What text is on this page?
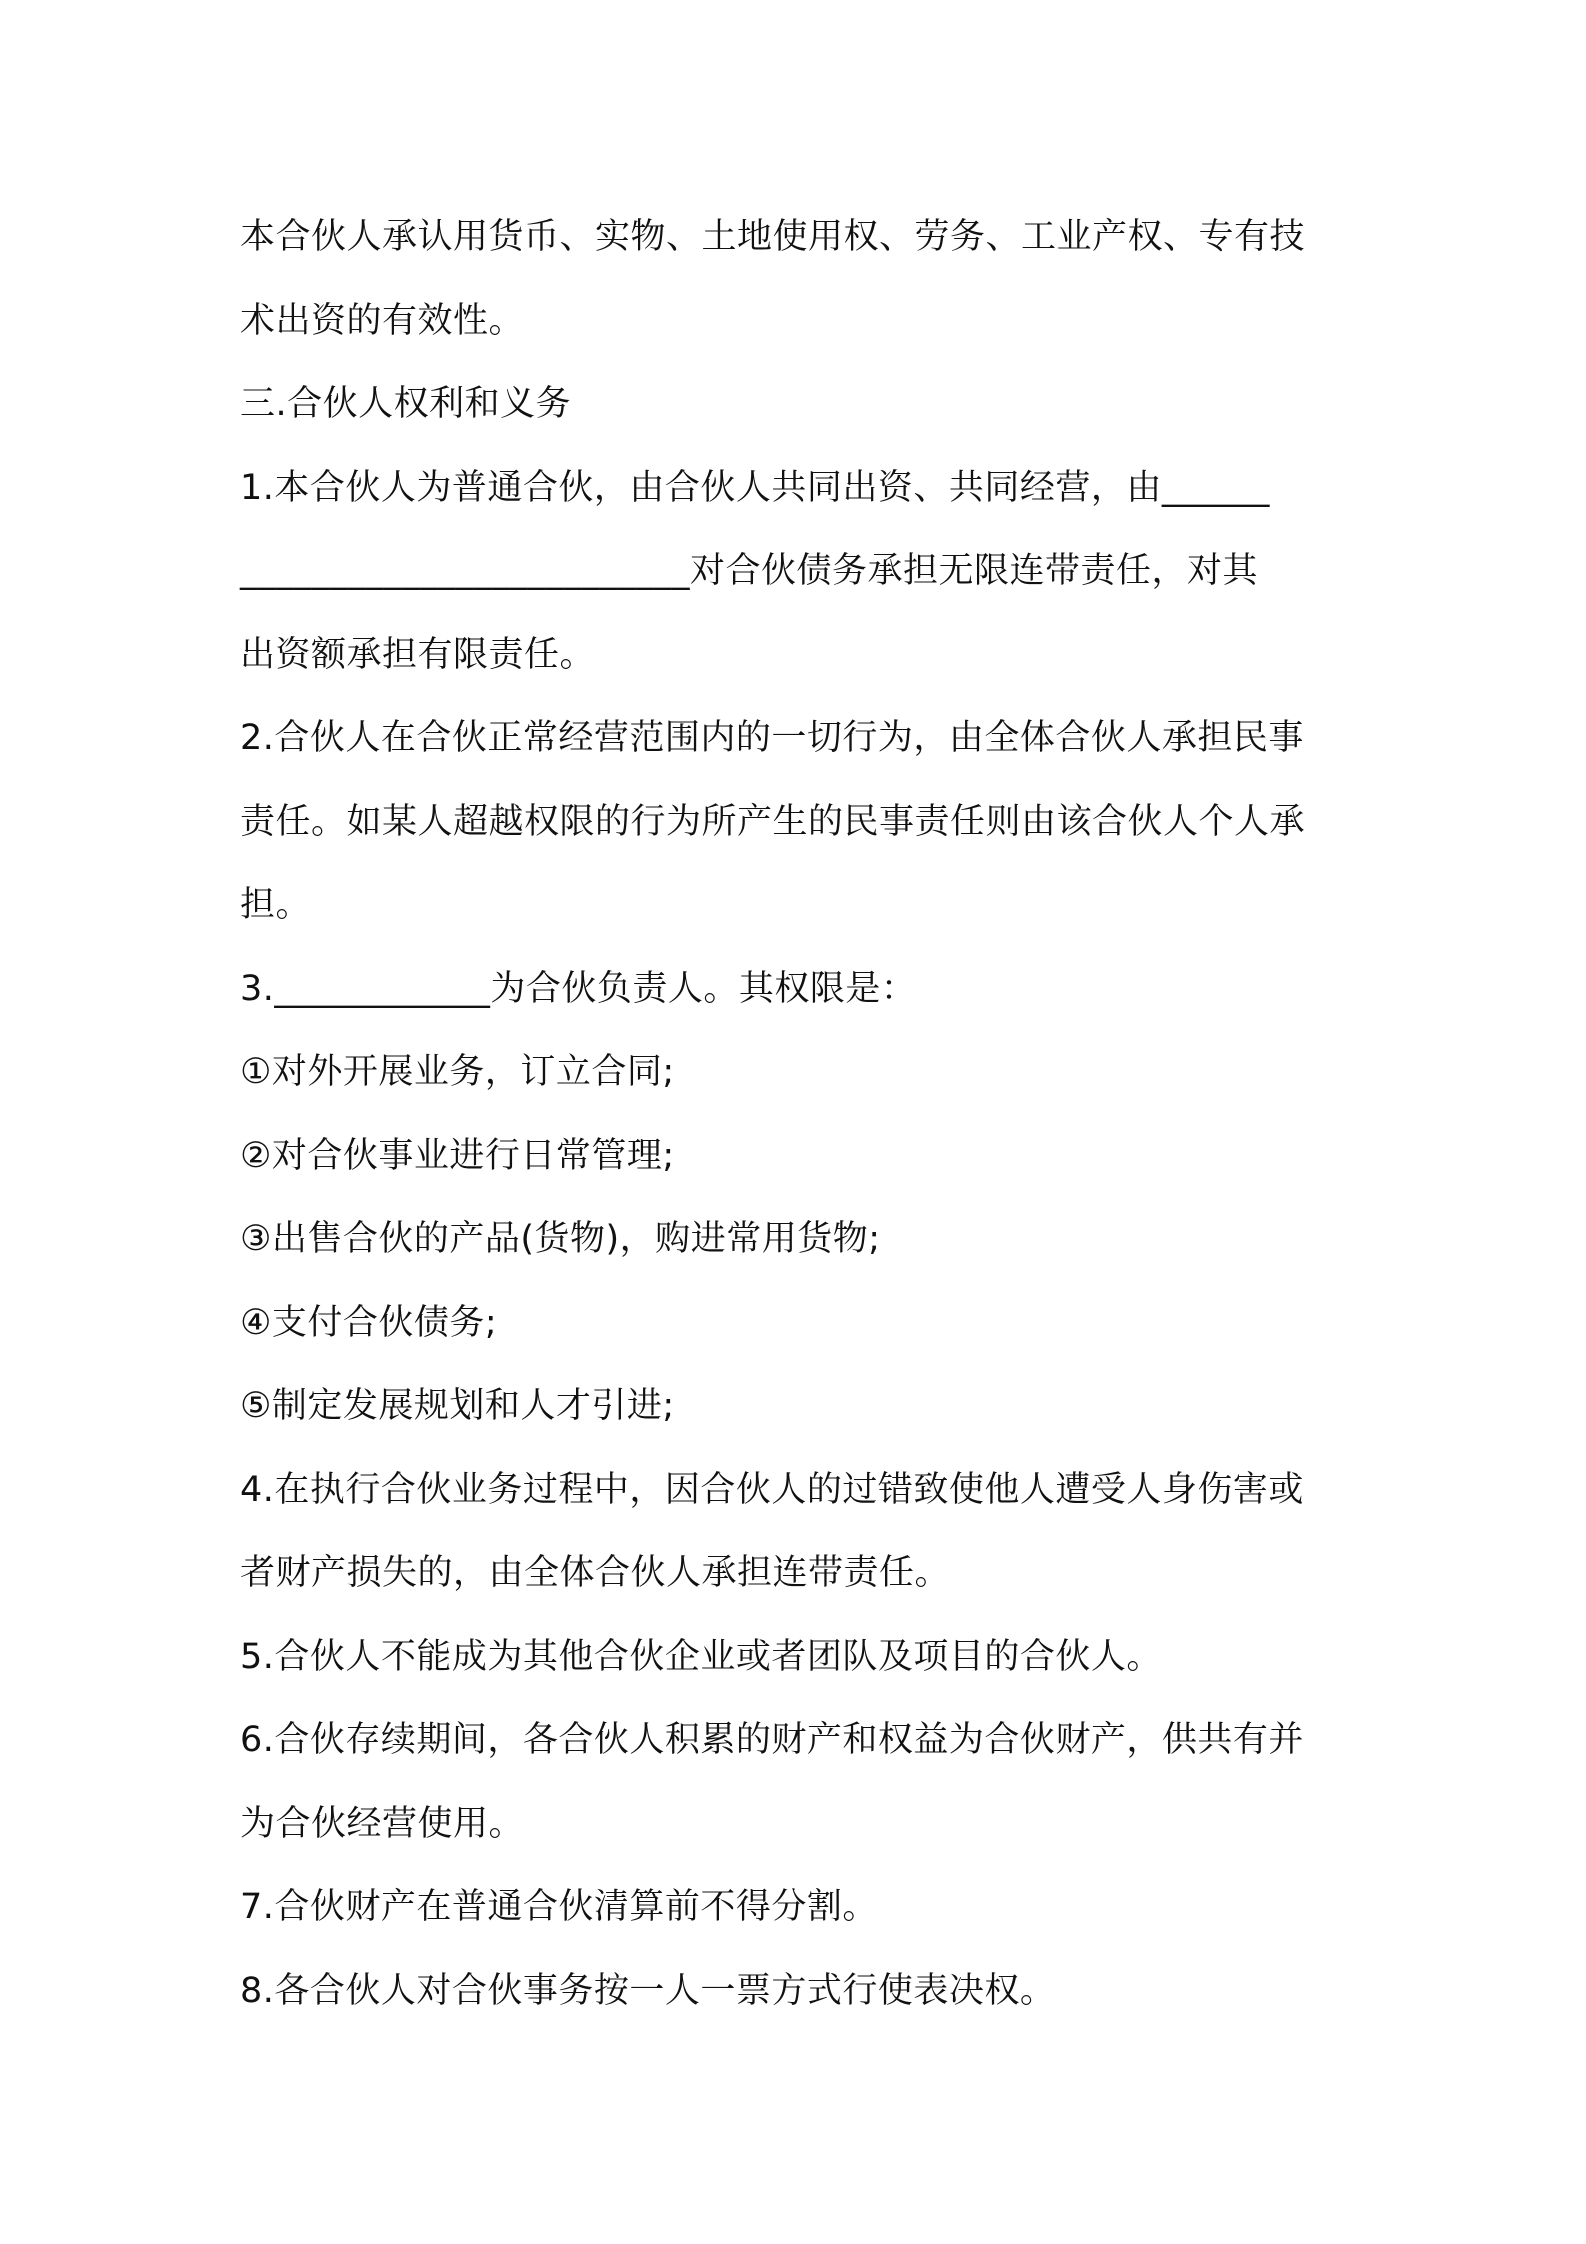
本合伙人承认用货币、实物、土地使用权、劳务、工业产权、专有技
术出资的有效性。
三.合伙人权利和义务
1.本合伙人为普通合伙，由合伙人共同出资、共同经营，由______
_________________________对合伙债务承担无限连带责任，对其
出资额承担有限责任。
2.合伙人在合伙正常经营范围内的一切行为，由全体合伙人承担民事
责任。如某人超越权限的行为所产生的民事责任则由该合伙人个人承
担。
3.____________为合伙负责人。其权限是：
①对外开展业务，订立合同;
②对合伙事业进行日常管理;
③出售合伙的产品(货物)，购进常用货物;
④支付合伙债务;
⑤制定发展规划和人才引进;
4.在执行合伙业务过程中，因合伙人的过错致使他人遭受人身伤害或
者财产损失的，由全体合伙人承担连带责任。
5.合伙人不能成为其他合伙企业或者团队及项目的合伙人。
6.合伙存续期间，各合伙人积累的财产和权益为合伙财产，供共有并
为合伙经营使用。
7.合伙财产在普通合伙清算前不得分割。
8.各合伙人对合伙事务按一人一票方式行使表决权。
